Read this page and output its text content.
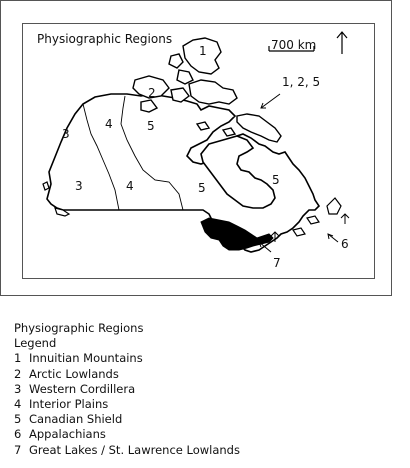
Physiographic Regions	700 km
1
2
3
3
4
4
5
5
5
1, 2, 5
6
7
Physiographic Regions
Legend
1 Innuitian Mountains
2 Arctic Lowlands
3 Western Cordillera
4 Interior Plains
5 Canadian Shield
6 Appalachians
7 Great Lakes / St. Lawrence Lowlands
